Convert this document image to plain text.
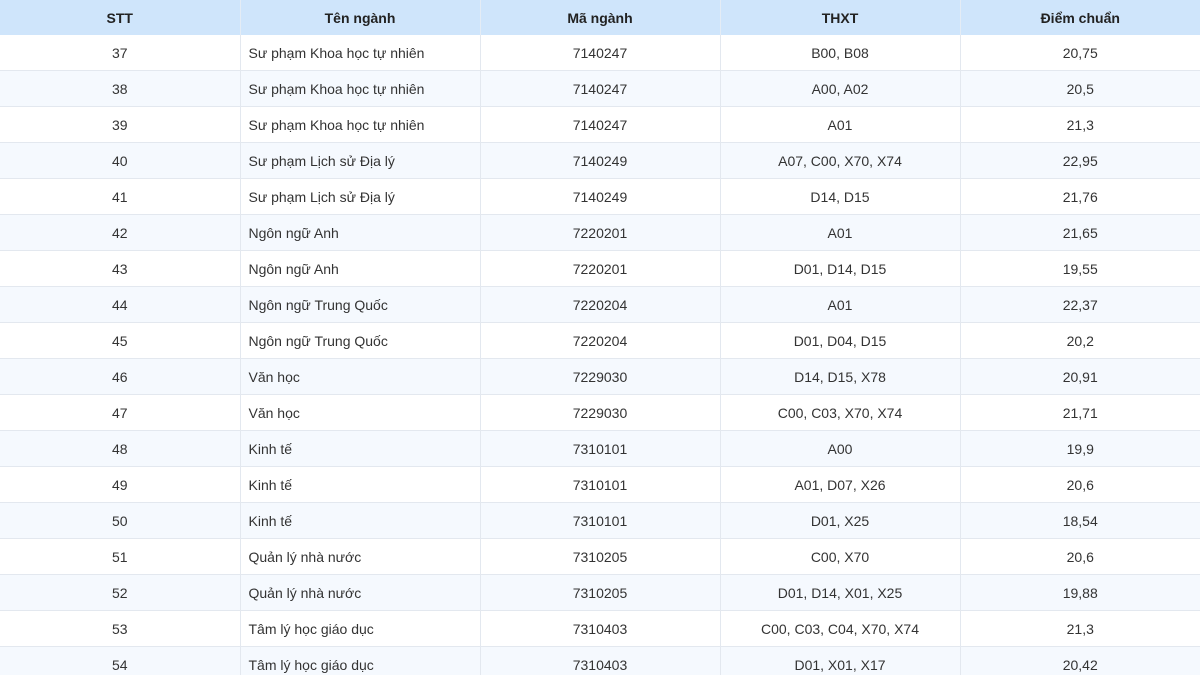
STT	Tên ngành	Mã ngành	THXT	Điểm chuẩn
37	Sư phạm Khoa học tự nhiên	7140247	B00, B08	20,75
38	Sư phạm Khoa học tự nhiên	7140247	A00, A02	20,5
39	Sư phạm Khoa học tự nhiên	7140247	A01	21,3
40	Sư phạm Lịch sử Địa lý	7140249	A07, C00, X70, X74	22,95
41	Sư phạm Lịch sử Địa lý	7140249	D14, D15	21,76
42	Ngôn ngữ Anh	7220201	A01	21,65
43	Ngôn ngữ Anh	7220201	D01, D14, D15	19,55
44	Ngôn ngữ Trung Quốc	7220204	A01	22,37
45	Ngôn ngữ Trung Quốc	7220204	D01, D04, D15	20,2
46	Văn học	7229030	D14, D15, X78	20,91
47	Văn học	7229030	C00, C03, X70, X74	21,71
48	Kinh tế	7310101	A00	19,9
49	Kinh tế	7310101	A01, D07, X26	20,6
50	Kinh tế	7310101	D01, X25	18,54
51	Quản lý nhà nước	7310205	C00, X70	20,6
52	Quản lý nhà nước	7310205	D01, D14, X01, X25	19,88
53	Tâm lý học giáo dục	7310403	C00, C03, C04, X70, X74	21,3
54	Tâm lý học giáo dục	7310403	D01, X01, X17	20,42
